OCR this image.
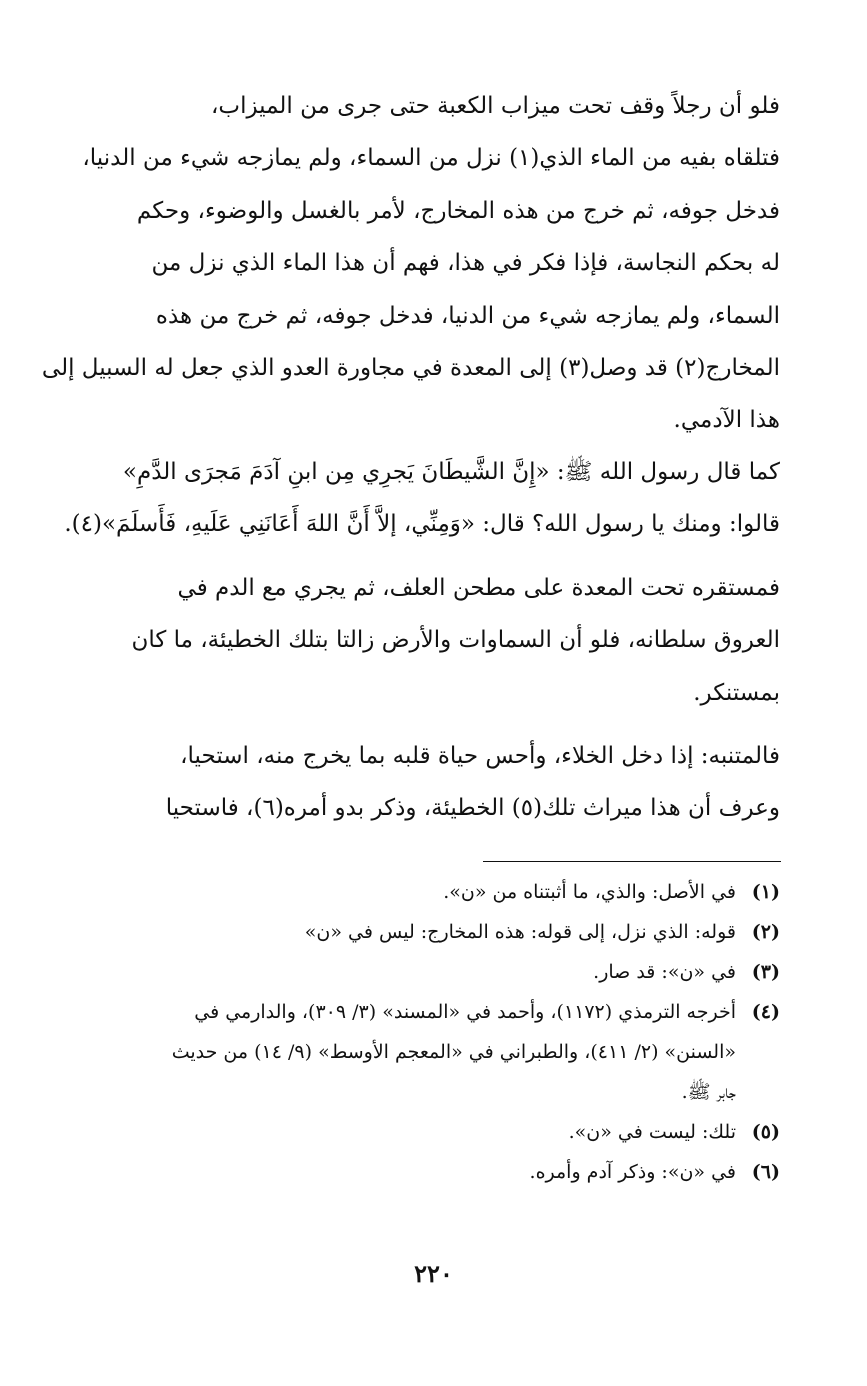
فلو أن رجلاً وقف تحت ميزاب الكعبة حتى جرى من الميزاب،
فتلقاه بفيه من الماء الذي(١) نزل من السماء، ولم يمازجه شيء من الدنيا،
فدخل جوفه، ثم خرج من هذه المخارج، لأمر بالغسل والوضوء، وحكم
له بحكم النجاسة، فإذا فكر في هذا، فهم أن هذا الماء الذي نزل من
السماء، ولم يمازجه شيء من الدنيا، فدخل جوفه، ثم خرج من هذه
المخارج(٢) قد وصل(٣) إلى المعدة في مجاورة العدو الذي جعل له السبيل إلى
هذا الآدمي.
كما قال رسول الله ﷺ: «إِنَّ الشَّيطَانَ يَجرِي مِن ابنِ آدَمَ مَجرَى الدَّمِ»
قالوا: ومنك يا رسول الله؟ قال: «وَمِنِّي، إلاَّ أَنَّ اللهَ أَعَانَنِي عَلَيهِ، فَأَسلَمَ»(٤).
فمستقره تحت المعدة على مطحن العلف، ثم يجري مع الدم في
العروق سلطانه، فلو أن السماوات والأرض زالتا بتلك الخطيئة، ما كان
بمستنكر.
فالمتنبه: إذا دخل الخلاء، وأحس حياة قلبه بما يخرج منه، استحيا،
وعرف أن هذا ميراث تلك(٥) الخطيئة، وذكر بدو أمره(٦)، فاستحيا
(١)
في الأصل: والذي، ما أثبتناه من «ن».
(٢)
قوله: الذي نزل، إلى قوله: هذه المخارج: ليس في «ن»
(٣)
في «ن»: قد صار.
(٤)
أخرجه الترمذي (١١٧٢)، وأحمد في «المسند» (٣/ ٣٠٩)، والدارمي في
«السنن» (٢/ ٤١١)، والطبراني في «المعجم الأوسط» (٩/ ١٤) من حديث
جابر ﷺ.
(٥)
تلك: ليست في «ن».
(٦)
في «ن»: وذكر آدم وأمره.
٢٢٠
